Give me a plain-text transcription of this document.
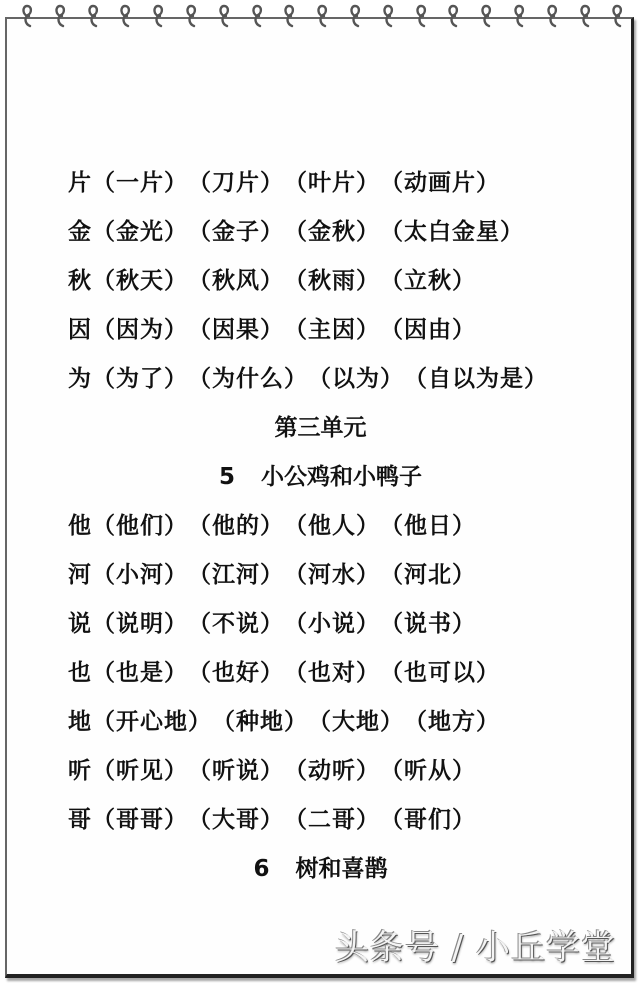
片（一片）（刀片）（叶片）（动画片）
金（金光）（金子）（金秋）（太白金星）
秋（秋天）（秋风）（秋雨）（立秋）
因（因为）（因果）（主因）（因由）
为（为了）（为什么）（以为）（自以为是）
第三单元
5 小公鸡和小鸭子
他（他们）（他的）（他人）（他日）
河（小河）（江河）（河水）（河北）
说（说明）（不说）（小说）（说书）
也（也是）（也好）（也对）（也可以）
地（开心地）（种地）（大地）（地方）
听（听见）（听说）（动听）（听从）
哥（哥哥）（大哥）（二哥）（哥们）
6 树和喜鹊
头条号 / 小丘学堂
